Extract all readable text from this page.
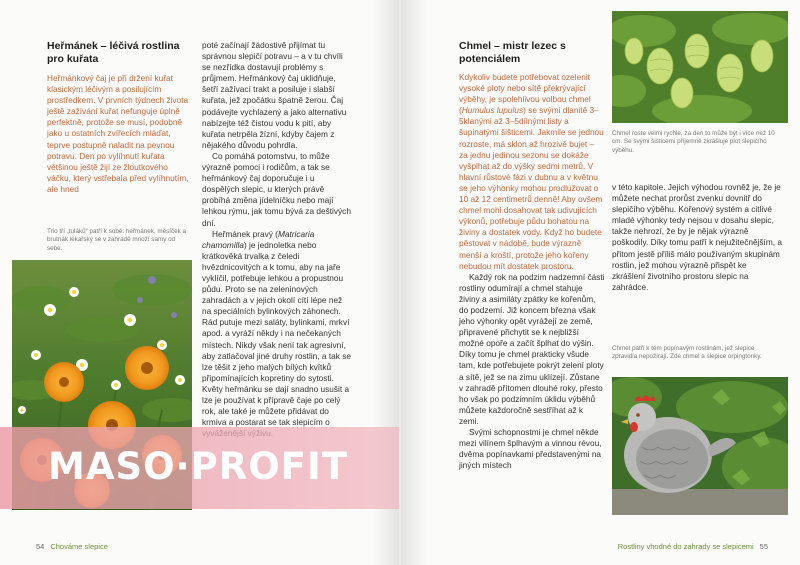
Heřmánek – léčivá rostlina pro kuřata

Heřmánkový čaj je při držení kuřat klasickým léčivým a posilujícím prostředkem. V prvních týdnech života ještě zažívání kuřat nefunguje úplně perfektně, protože se musí, podobně jako u ostatních zvířecích mláďat, teprve postupně naladit na pevnou potravu. Den po vylíhnutí kuřata většinou ještě žijí ze žloutkového váčku, který vstřebala před vylíhnutím, ale hned

Trio tří „tuláků“ patří k sobě: heřmánek, měsíček a brutnák lékařský se v zahradě množí samy od sebe.

poté začínají žádostivě přijímat tu správnou slepičí potravu – a v tu chvíli se nezřídka dostavují problémy s průjmem. Heřmánkový čaj uklidňuje, šetří zažívací trakt a posiluje i slabší kuřata, jež zpočátku špatně žerou. Čaj podávejte vychlazený a jako alternativu nabízejte též čistou vodu k pití, aby kuřata netrpěla žízní, kdyby čajem z nějakého důvodu pohrdla.

Co pomáhá potomstvu, to může výrazně pomoci i rodičům, a tak se heřmánkový čaj doporučuje i u dospělých slepic, u kterých právě probíhá změna jídelníčku nebo mají lehkou rýmu, jak tomu bývá za deštivých dní.

Heřmánek pravý (Matricaria chamomilla) je jednoletka nebo krátkověká trvalka z čeledi hvězdnicovitých a k tomu, aby na jaře vyklíčil, potřebuje lehkou a propustnou půdu. Proto se na zeleninových zahradách a v jejich okolí cítí lépe než na speciálních bylinkových záhonech. Rád putuje mezi saláty, bylinkami, mrkví apod. a vyráží někdy i na nečekaných místech. Nikdy však není tak agresivní, aby zatlačoval jiné druhy rostlin, a tak se lze těšit z jeho malých bílých kvítků připomínajících kopretiny do sytosti. Květy heřmánku se dají snadno usušit a lze je používat k přípravě čaje po celý rok, ale také je můžete přidávat do krmiva a postarat se tak slepicím o

MASO·PROFIT
54 Chováme slepice
Chmel – mistr lezec s potenciálem

Kdykoliv budete potřebovat ozelenit vysoké ploty nebo sítě překrývající výběhy, je spolehlivou volbou chmel (Humulus lupulus) se svými dlanitě 3–5klanými až 3–5dílnými listy a šupinatými šišticemi. Jakmile se jednou rozroste, má sklon až hrozivě bujet – za jednu jedinou sezonu se dokáže vyšplhat až do výšky sedmi metrů. V hlavní růstové fázi v dubnu a v květnu se jeho výhonky mohou prodlužovat o 10 až 12 centimetrů denně! Aby ovšem chmel mohl dosahovat tak udivujících výkonů, potřebuje půdu bohatou na živiny a dostatek vody. Když ho budete pěstovat v nádobě, bude výrazně menší a kroští, protože jeho kořeny nebudou mít dostatek prostoru.

Každý rok na podzim nadzemní části rostliny odumírají a chmel stahuje živiny a asimiláty zpátky ke kořenům, do podzemí. Již koncem března však jeho výhonky opět vyrážejí ze země, připravené přichytit se k nejbližší možné opoře a začít šplhat do výšin. Díky tomu je chmel prakticky všude tam, kde potřebujete pokrýt zelení ploty a sítě, jež se na zimu uklízejí. Zůstane v zahradě přítomen dlouhé roky, přesto ho však po podzimním úklidu výběhů můžete každoročně sestříhat až k zemi.

Svými schopnostmi je chmel někde mezi vilínem šplhavým a vinnou révou, dvěma popínavkami představenými na jiných místech

Chmel roste velmi rychle, za den to může být i více než 10 cm. Se svými šišticemi příjemně zkrášluje plot slepičího výběhu.

v této kapitole. Jejich výhodou rovněž je, že je můžete nechat prorůst zvenku dovnitř do slepičího výběhu. Kořenový systém a citlivé mladé výhonky tedy nejsou v dosahu slepic, takže nehrozí, že by je nějak výrazně poškodily. Díky tomu patří k nejužitečnějším, a přitom jestě příliš málo používaným skupinám rostlin, jež mohou výrazně přispět ke zkrášlení životního prostoru slepic na zahrádce.

Chmel patří k těm popínavým rostlinám, jež slepice zpravidla nepožírají. Zde chmel a slepice orpingtonky.
Rostliny vhodné do zahrady se slepicemi 55
